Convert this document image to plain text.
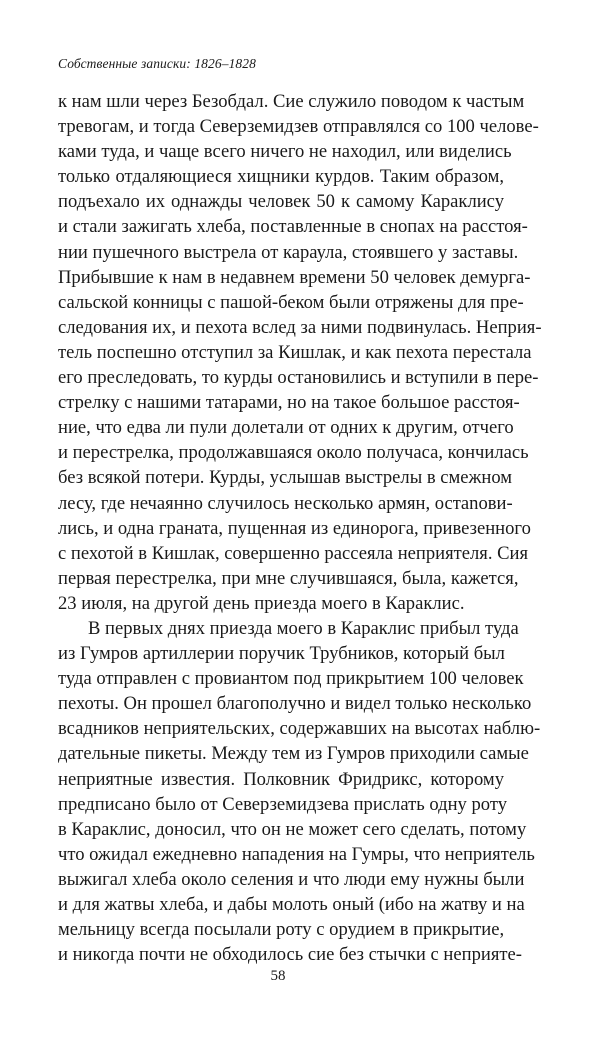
Собственные записки: 1826–1828
к нам шли через Безобдал. Сие служило поводом к частым
тревогам, и тогда Северземидзев отправлялся со 100 челове-
ками туда, и чаще всего ничего не находил, или виделись
только отдаляющиеся хищники курдов. Таким образом,
подъехало их однажды человек 50 к самому Караклису
и стали зажигать хлеба, поставленные в снопах на расстоя-
нии пушечного выстрела от караула, стоявшего у заставы.
Прибывшие к нам в недавнем времени 50 человек демурга-
сальской конницы с пашой-беком были отряжены для пре-
следования их, и пехота вслед за ними подвинулась. Неприя-
тель поспешно отступил за Кишлак, и как пехота перестала
его преследовать, то курды остановились и вступили в пере-
стрелку с нашими татарами, но на такое большое расстоя-
ние, что едва ли пули долетали от одних к другим, отчего
и перестрелка, продолжавшаяся около получаса, кончилась
без всякой потери. Курды, услышав выстрелы в смежном
лесу, где нечаянно случилось несколько армян, остanови-
лись, и одна граната, пущенная из единорога, привезенного
с пехотой в Кишлак, совершенно рассеяла неприятеля. Сия
первая перестрелка, при мне случившаяся, была, кажется,
23 июля, на другой день приезда моего в Караклис.
В первых днях приезда моего в Караклис прибыл туда
из Гумров артиллерии поручик Трубников, который был
туда отправлен с провиантом под прикрытием 100 человек
пехоты. Он прошел благополучно и видел только несколько
всадников неприятельских, содержавших на высотах наблю-
дательные пикеты. Между тем из Гумров приходили самые
неприятные известия. Полковник Фридрикс, которому
предписано было от Северземидзева прислать одну роту
в Караклис, доносил, что он не может сего сделать, потому
что ожидал ежедневно нападения на Гумры, что неприятель
выжигал хлеба около селения и что люди ему нужны были
и для жатвы хлеба, и дабы молоть оный (ибо на жатву и на
мельницу всегда посылали роту с орудием в прикрытие,
и никогда почти не обходилось сие без стычки с неприяте-
58
